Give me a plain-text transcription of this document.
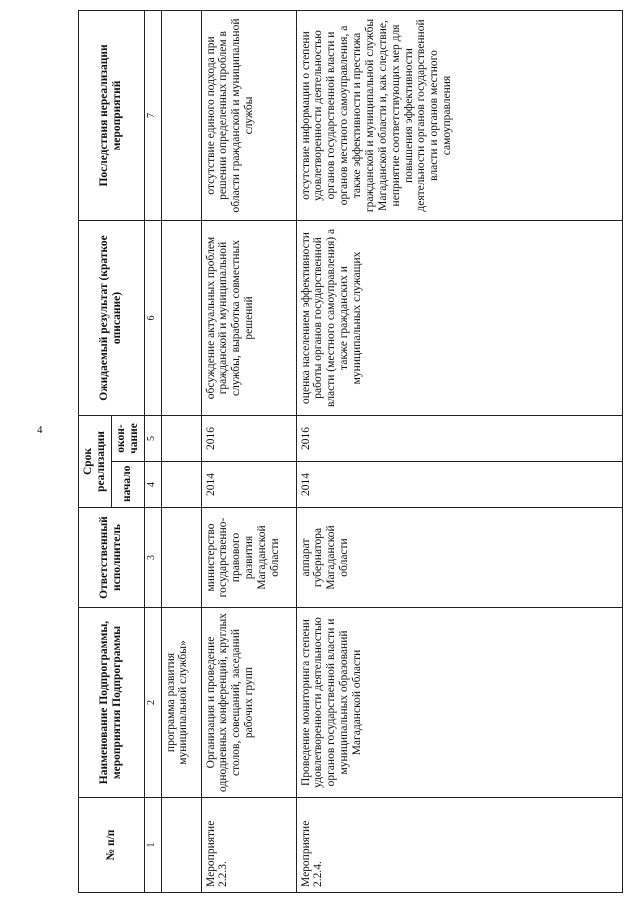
4
№ п/п	Наименование Подпрограммы, мероприятия Подпрограммы	Ответственный исполнитель	Срок реализации		Ожидаемый результат (краткое описание)	Последствия нереализации мероприятий
			начало	окон-чание		
1	2	3	4	5	6	7
	программа развития муниципальной службы»					
Мероприятие 2.2.3.	Организация и проведение однодневных конференций, круглых столов, совещаний, заседаний рабочих групп	министерство государственно-правового развития Магаданской области	2014	2016	обсуждение актуальных проблем гражданской и муниципальной службы, выработка совместных решений	отсутствие единого подхода при решении определенных проблем в области гражданской и муниципальной службы
Мероприятие 2.2.4.	Проведение мониторинга степени удовлетворенности деятельностью органов государственной власти и муниципальных образований Магаданской области	аппарат губернатора Магаданской области	2014	2016	оценка населением эффективности работы органов государственной власти (местного самоуправления) а также гражданских и муниципальных служащих	отсутствие информации о степени удовлетворенности деятельностью органов государственной власти и органов местного самоуправления, а также эффективности и престижа гражданской и муниципальной службы Магаданской области и, как следствие, неприятие соответствующих мер для повышения эффективности деятельности органов государственной власти и органов местного самоуправления
